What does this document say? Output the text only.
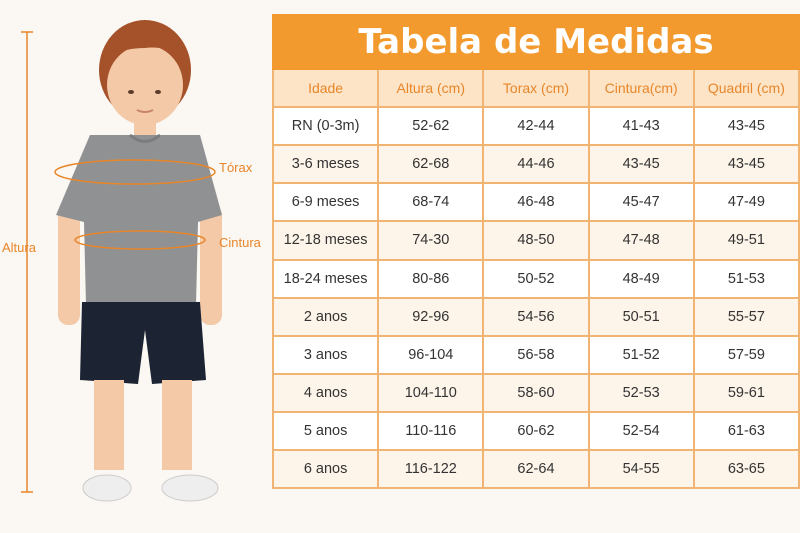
Altura
Tórax
Cintura
Tabela de Medidas				
Idade	Altura (cm)	Torax (cm)	Cintura(cm)	Quadril (cm)
RN (0-3m)	52-62	42-44	41-43	43-45
3-6 meses	62-68	44-46	43-45	43-45
6-9 meses	68-74	46-48	45-47	47-49
12-18 meses	74-30	48-50	47-48	49-51
18-24 meses	80-86	50-52	48-49	51-53
2 anos	92-96	54-56	50-51	55-57
3 anos	96-104	56-58	51-52	57-59
4 anos	104-110	58-60	52-53	59-61
5 anos	110-116	60-62	52-54	61-63
6 anos	116-122	62-64	54-55	63-65
